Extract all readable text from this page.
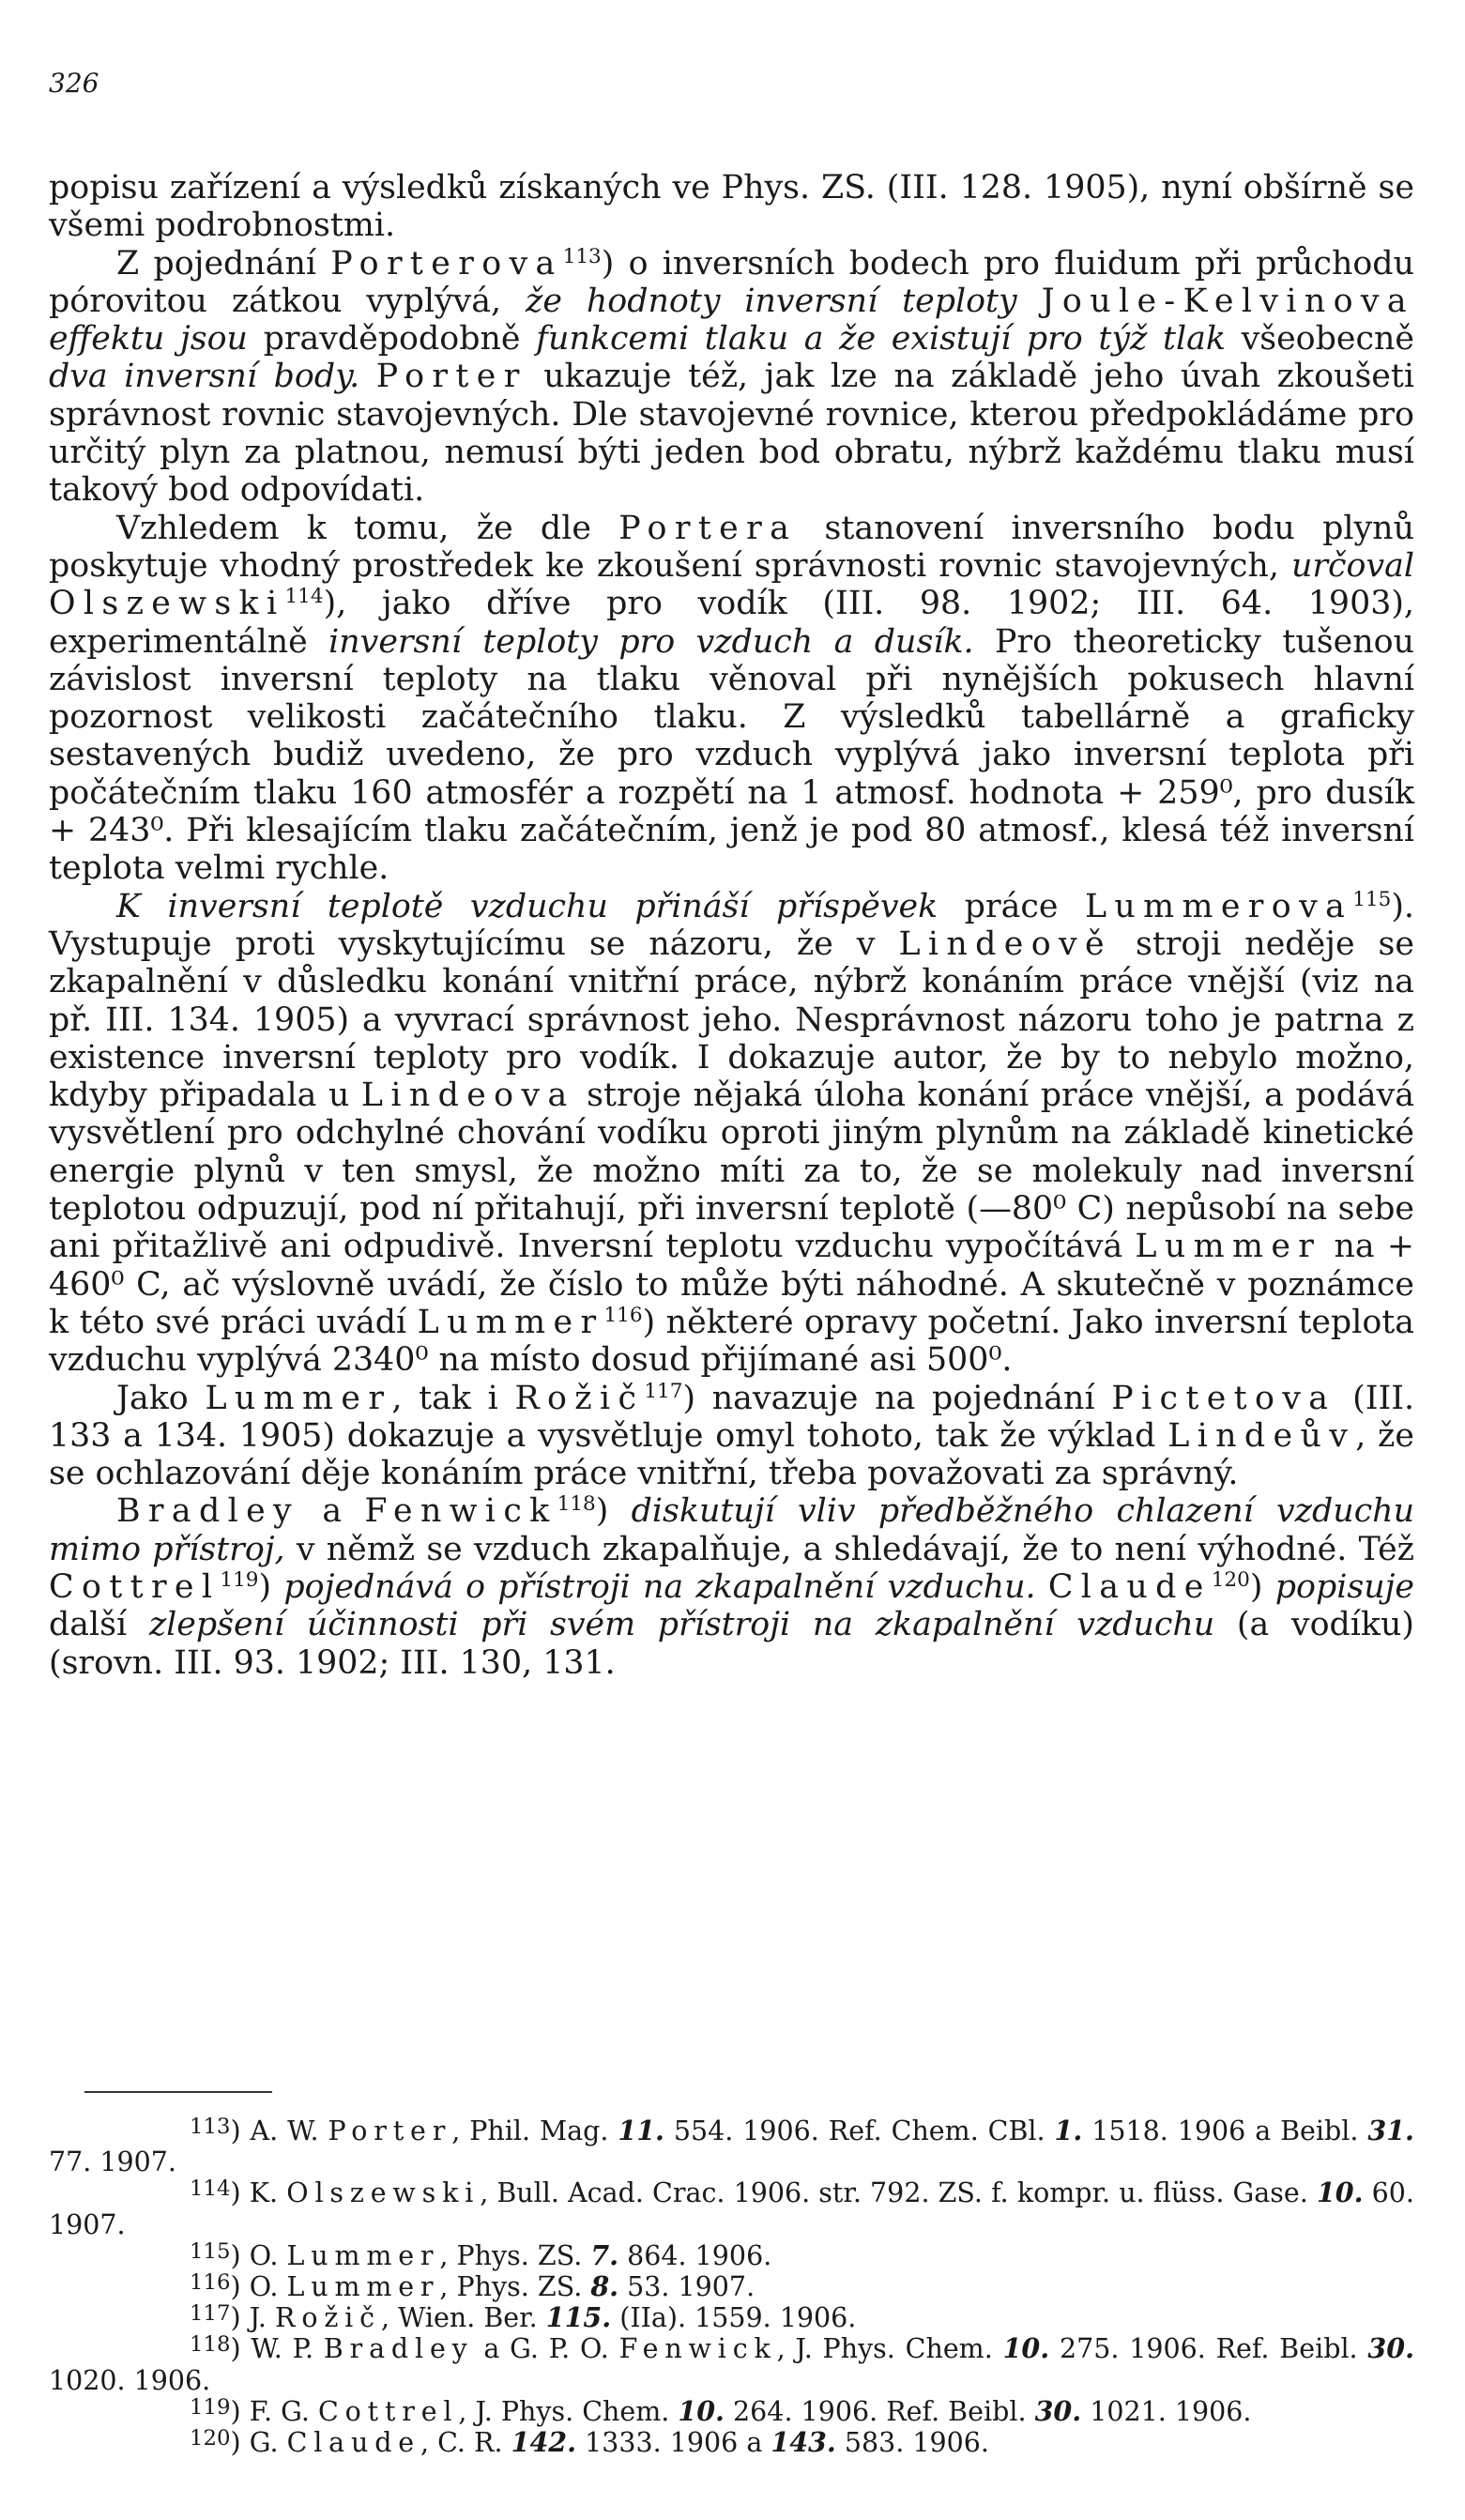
326

popisu zařízení a výsledků získaných ve Phys. ZS. (III. 128. 1905), nyní obšírně se všemi podrobnostmi.

Z pojednání Porterova$^{113}$) o inversních bodech pro fluidum při průchodu pórovitou zátkou vyplývá, že hodnoty inversní teploty Joule-Kelvinova effektu jsou pravděpodobně funkcemi tlaku a že existují pro týž tlak všeobecně dva inversní body. Porter ukazuje též, jak lze na základě jeho úvah zkoušeti správnost rovnic stavojevných. Dle stavojevné rovnice, kterou předpokládáme pro určitý plyn za platnou, nemusí býti jeden bod obratu, nýbrž každému tlaku musí takový bod odpovídati.

Vzhledem k tomu, že dle Portera stanovení inversního bodu plynů poskytuje vhodný prostředek ke zkoušení správnosti rovnic stavojevných, určoval Olszewski$^{114}$), jako dříve pro vodík (III. 98. 1902; III. 64. 1903), experimentálně inversní teploty pro vzduch a dusík. Pro theoreticky tušenou závislost inversní teploty na tlaku věnoval při nynějších pokusech hlavní pozornost velikosti začátečního tlaku. Z výsledků tabellárně a graficky sestavených budiž uvedeno, že pro vzduch vyplývá jako inversní teplota při počátečním tlaku 160 atmosfér a rozpětí na 1 atmosf. hodnota + 259⁰, pro dusík + 243⁰. Při klesajícím tlaku začátečním, jenž je pod 80 atmosf., klesá též inversní teplota velmi rychle.

K inversní teplotě vzduchu přináší příspěvek práce Lummerova$^{115}$). Vystupuje proti vyskytujícímu se názoru, že v Lindeově stroji neděje se zkapalnění v důsledku konání vnitřní práce, nýbrž konáním práce vnější (viz na př. III. 134. 1905) a vyvrací správnost jeho. Nesprávnost názoru toho je patrna z existence inversní teploty pro vodík. I dokazuje autor, že by to nebylo možno, kdyby připadala u Lindeova stroje nějaká úloha konání práce vnější, a podává vysvětlení pro odchylné chování vodíku oproti jiným plynům na základě kinetické energie plynů v ten smysl, že možno míti za to, že se molekuly nad inversní teplotou odpuzují, pod ní přitahují, při inversní teplotě (—80⁰ C) nepůsobí na sebe ani přitažlivě ani odpudivě. Inversní teplotu vzduchu vypočítává Lummer na + 460⁰ C, ač výslovně uvádí, že číslo to může býti náhodné. A skutečně v poznámce k této své práci uvádí Lummer$^{116}$) některé opravy početní. Jako inversní teplota vzduchu vyplývá 2340⁰ na místo dosud přijímané asi 500⁰.

Jako Lummer, tak i Rožič$^{117}$) navazuje na pojednání Pictetova (III. 133 a 134. 1905) dokazuje a vysvětluje omyl tohoto, tak že výklad Lindeův, že se ochlazování děje konáním práce vnitřní, třeba považovati za správný.

Bradley a Fenwick$^{118}$) diskutují vliv předběžného chlazení vzduchu mimo přístroj, v němž se vzduch zkapalňuje, a shledávají, že to není výhodné. Též Cottrel$^{119}$) pojednává o přístroji na zkapalnění vzduchu. Claude$^{120}$) popisuje další zlepšení účinnosti při svém přístroji na zkapalnění vzduchu (a vodíku) (srovn. III. 93. 1902; III. 130, 131.

$^{113}$) A. W. Porter, Phil. Mag. 11. 554. 1906. Ref. Chem. CBl. 1. 1518. 1906 a Beibl. 31. 77. 1907.

$^{114}$) K. Olszewski, Bull. Acad. Crac. 1906. str. 792. ZS. f. kompr. u. flüss. Gase. 10. 60. 1907.

$^{115}$) O. Lummer, Phys. ZS. 7. 864. 1906.

$^{116}$) O. Lummer, Phys. ZS. 8. 53. 1907.

$^{117}$) J. Rožič, Wien. Ber. 115. (IIa). 1559. 1906.

$^{118}$) W. P. Bradley a G. P. O. Fenwick, J. Phys. Chem. 10. 275. 1906. Ref. Beibl. 30. 1020. 1906.

$^{119}$) F. G. Cottrel, J. Phys. Chem. 10. 264. 1906. Ref. Beibl. 30. 1021. 1906.

$^{120}$) G. Claude, C. R. 142. 1333. 1906 a 143. 583. 1906.
